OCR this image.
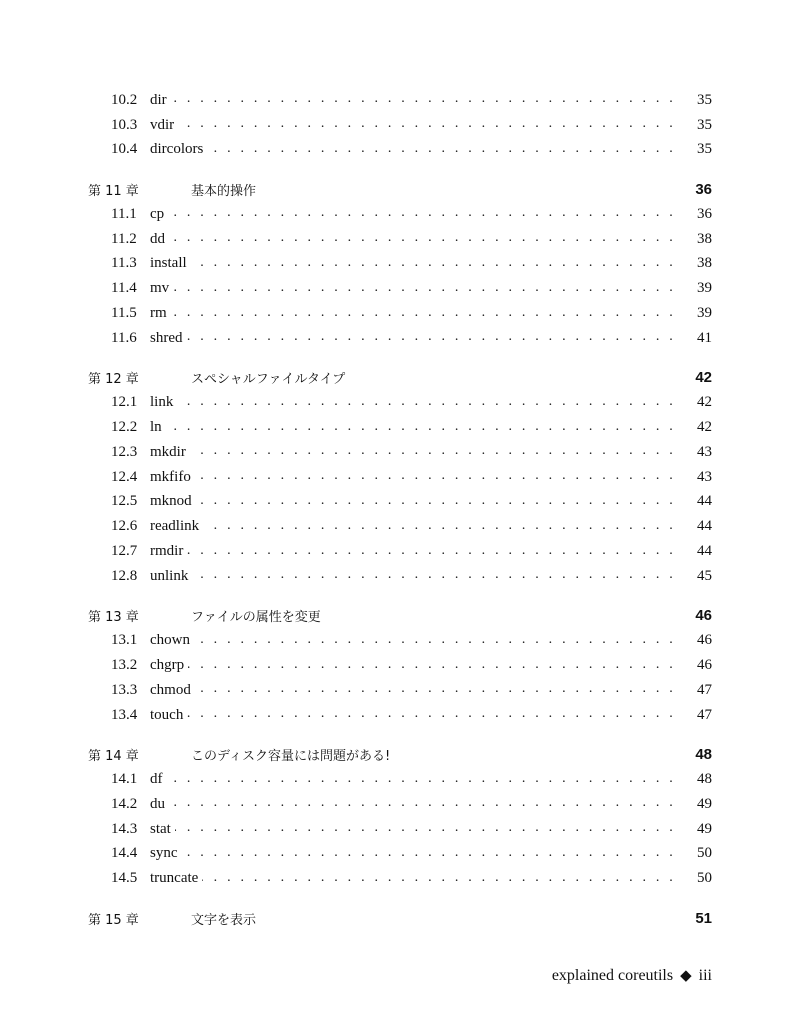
10.2 dir . . .	35
10.3 vdir . . .	35
10.4 dircolors . . .	35
第 11 章	基本的操作	36
11.1 cp . . .	36
11.2 dd . . .	38
11.3 install . . .	38
11.4 mv . . .	39
11.5 rm . . .	39
11.6 shred . . .	41
第 12 章	スペシャルファイルタイプ	42
12.1 link . . .	42
12.2 ln . . .	42
12.3 mkdir . . .	43
12.4 mkfifo . . .	43
12.5 mknod . . .	44
12.6 readlink . . .	44
12.7 rmdir . . .	44
12.8 unlink . . .	45
第 13 章	ファイルの属性を変更	46
13.1 chown . . .	46
13.2 chgrp . . .	46
13.3 chmod . . .	47
13.4 touch . . .	47
第 14 章	このディスク容量には問題がある!	48
14.1 df . . .	48
14.2 du . . .	49
14.3 stat . . .	49
14.4 sync . . .	50
14.5 truncate . . .	50
第 15 章	文字を表示	51
explained coreutils ◆ iii
